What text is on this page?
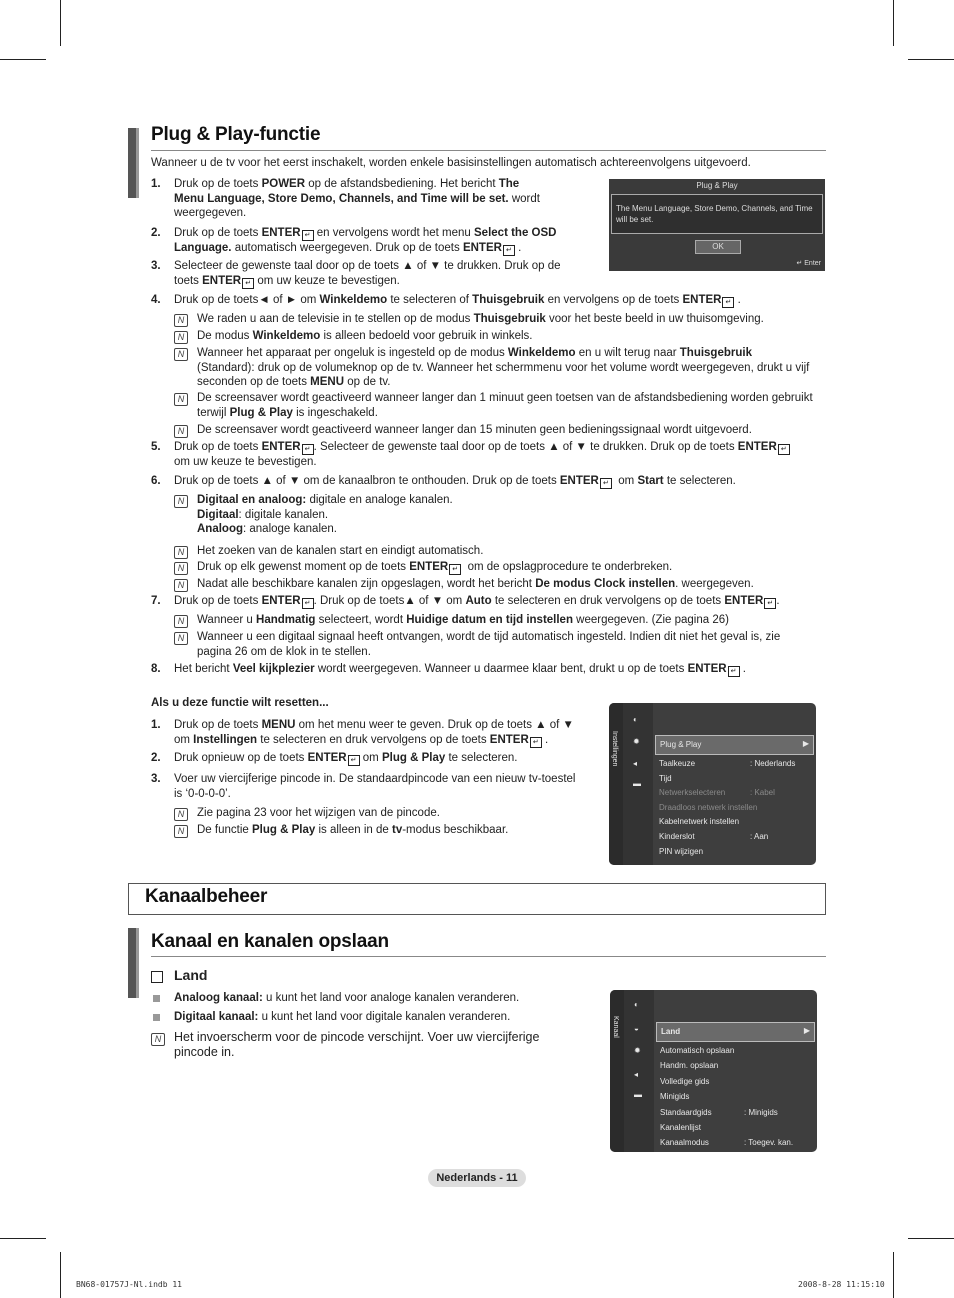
Plug & Play-functie
Wanneer u de tv voor het eerst inschakelt, worden enkele basisinstellingen automatisch achtereenvolgens uitgevoerd.
1. Druk op de toets POWER op de afstandsbediening. Het bericht The
Menu Language, Store Demo, Channels, and Time will be set. wordt
weergegeven.
2. Druk op de toets ENTER ↵ en vervolgens wordt het menu Select the OSD
Language. automatisch weergegeven. Druk op de toets ENTER ↵ .
3. Selecteer de gewenste taal door op de toets ▲ of ▼ te drukken. Druk op de
toets ENTER ↵ om uw keuze te bevestigen.
4. Druk op de toets◄ of ► om Winkeldemo te selecteren of Thuisgebruik en vervolgens op de toets ENTER ↵ .
5. Druk op de toets ENTER ↵ . Selecteer de gewenste taal door op de toets ▲ of ▼ te drukken. Druk op de toets ENTER ↵
om uw keuze te bevestigen.
6. Druk op de toets ▲ of ▼ om de kanaalbron te onthouden. Druk op de toets ENTER ↵  om Start te selecteren.
7. Druk op de toets ENTER ↵ . Druk op de toets▲ of ▼ om Auto te selecteren en druk vervolgens op de toets ENTER ↵ .
8. Het bericht Veel kijkplezier wordt weergegeven. Wanneer u daarmee klaar bent, drukt u op de toets ENTER ↵ .
N	We raden u aan de televisie in te stellen op de modus Thuisgebruik voor het beste beeld in uw thuisomgeving.
N	De modus Winkeldemo is alleen bedoeld voor gebruik in winkels.
N	Wanneer het apparaat per ongeluk is ingesteld op de modus Winkeldemo en u wilt terug naar Thuisgebruik
(Standard): druk op de volumeknop op de tv. Wanneer het schermmenu voor het volume wordt weergegeven, drukt u vijf
seconden op de toets MENU op de tv.
N	De screensaver wordt geactiveerd wanneer langer dan 1 minuut geen toetsen van de afstandsbediening worden gebruikt
terwijl Plug & Play is ingeschakeld.
N	De screensaver wordt geactiveerd wanneer langer dan 15 minuten geen bedieningssignaal wordt uitgevoerd.
N	Digitaal en analoog: digitale en analoge kanalen.
Digitaal: digitale kanalen.
Analoog: analoge kanalen.
N	Het zoeken van de kanalen start en eindigt automatisch.
N	Druk op elk gewenst moment op de toets ENTER ↵  om de opslagprocedure te onderbreken.
N	Nadat alle beschikbare kanalen zijn opgeslagen, wordt het bericht De modus Clock instellen. weergegeven.
N	Wanneer u Handmatig selecteert, wordt Huidige datum en tijd instellen weergegeven. (Zie pagina 26)
N	Wanneer u een digitaal signaal heeft ontvangen, wordt de tijd automatisch ingesteld. Indien dit niet het geval is, zie
pagina 26 om de klok in te stellen.
Als u deze functie wilt resetten...
1. Druk op de toets MENU om het menu weer te geven. Druk op de toets ▲ of ▼
om Instellingen te selecteren en druk vervolgens op de toets ENTER ↵ .
2. Druk opnieuw op de toets ENTER ↵ om Plug & Play te selecteren.
3. Voer uw viercijferige pincode in. De standaardpincode van een nieuw tv-toestel
is ‘0-0-0-0’.
N	Zie pagina 23 voor het wijzigen van de pincode.
N	De functie Plug & Play is alleen in de tv-modus beschikbaar.
Plug & Play
The Menu Language, Store Demo, Channels, and Time will be set.
OK
↵ Enter
Instellingen
◐
✹
◂
▬
Plug & Play	▶
Taalkeuze	: Nederlands
Tijd
Netwerkselecteren	: Kabel
Draadloos netwerk instellen
Kabelnetwerk instellen
Kinderslot	: Aan
PIN wijzigen
Kanaalbeheer
Kanaal en kanalen opslaan
Land
Analoog kanaal: u kunt het land voor analoge kanalen veranderen.
Digitaal kanaal: u kunt het land voor digitale kanalen veranderen.
N	Het invoerscherm voor de pincode verschijnt. Voer uw viercijferige
pincode in.
Kanaal
◐
◒
✹
◂
▬
Land	▶
Automatisch opslaan
Handm. opslaan
Volledige gids
Minigids
Standaardgids	: Minigids
Kanalenlijst
Kanaalmodus	: Toegev. kan.
Nederlands - 11
BN68-01757J-Nl.indb 11	2008-8-28 11:15:10
